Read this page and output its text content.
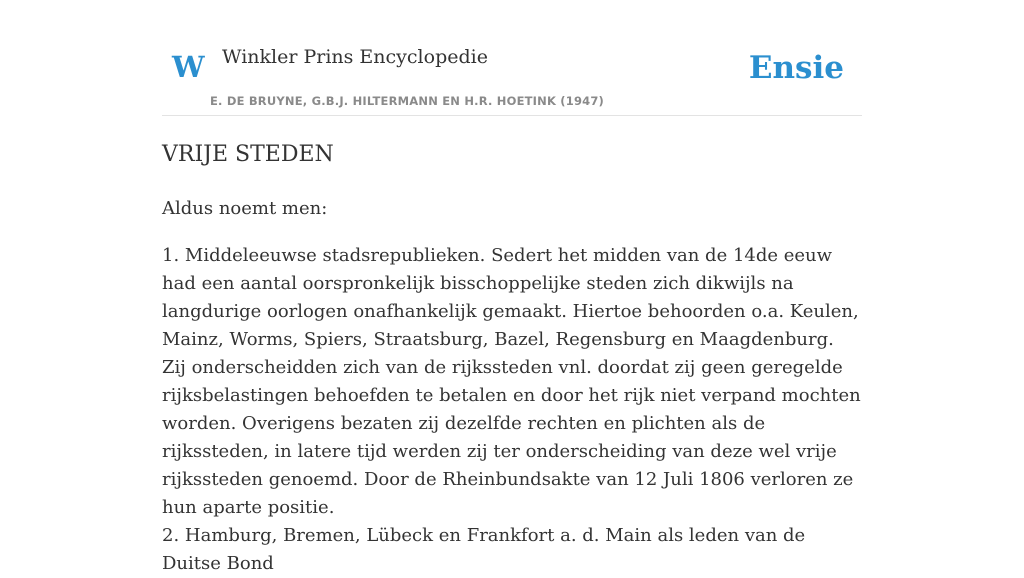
W Winkler Prins Encyclopedie
E. DE BRUYNE, G.B.J. HILTERMANN EN H.R. HOETINK (1947)
Ensie
VRIJE STEDEN

Aldus noemt men:

1. Middeleeuwse stadsrepublieken. Sedert het midden van de 14de eeuw had een aantal oorspronkelijk bisschoppelijke steden zich dikwijls na langdurige oorlogen onafhankelijk gemaakt. Hiertoe behoorden o.a. Keulen, Mainz, Worms, Spiers, Straatsburg, Bazel, Regensburg en Maagdenburg. Zij onderscheidden zich van de rijkssteden vnl. doordat zij geen geregelde rijksbelastingen behoefden te betalen en door het rijk niet verpand mochten worden. Overigens bezaten zij dezelfde rechten en plichten als de rijkssteden, in latere tijd werden zij ter onderscheiding van deze wel vrije rijkssteden genoemd. Door de Rheinbundsakte van 12 Juli 1806 verloren ze hun aparte positie.

2. Hamburg, Bremen, Lübeck en Frankfort a. d. Main als leden van de Duitse Bond
